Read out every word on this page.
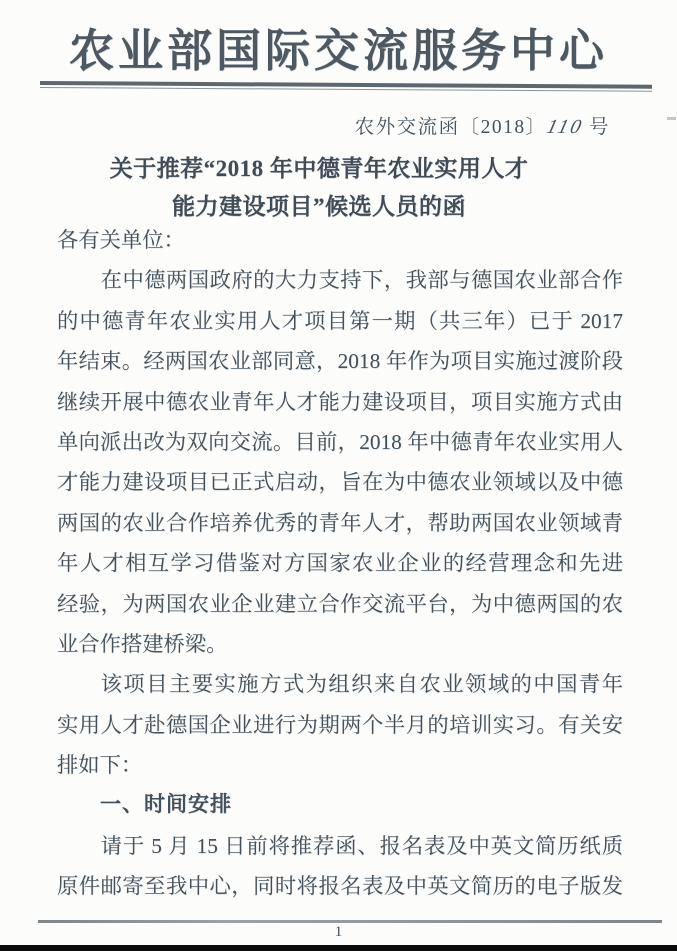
农业部国际交流服务中心
农外交流函〔2018〕110 号
关于推荐“2018 年中德青年农业实用人才
能力建设项目”候选人员的函
各有关单位：
在中德两国政府的大力支持下，我部与德国农业部合作
的中德青年农业实用人才项目第一期（共三年）已于 2017
年结束。经两国农业部同意，2018 年作为项目实施过渡阶段
继续开展中德农业青年人才能力建设项目，项目实施方式由
单向派出改为双向交流。目前，2018 年中德青年农业实用人
才能力建设项目已正式启动，旨在为中德农业领域以及中德
两国的农业合作培养优秀的青年人才，帮助两国农业领域青
年人才相互学习借鉴对方国家农业企业的经营理念和先进
经验，为两国农业企业建立合作交流平台，为中德两国的农
业合作搭建桥梁。
该项目主要实施方式为组织来自农业领域的中国青年
实用人才赴德国企业进行为期两个半月的培训实习。有关安
排如下：
一、时间安排
请于 5 月 15 日前将推荐函、报名表及中英文简历纸质
原件邮寄至我中心，同时将报名表及中英文简历的电子版发
1
